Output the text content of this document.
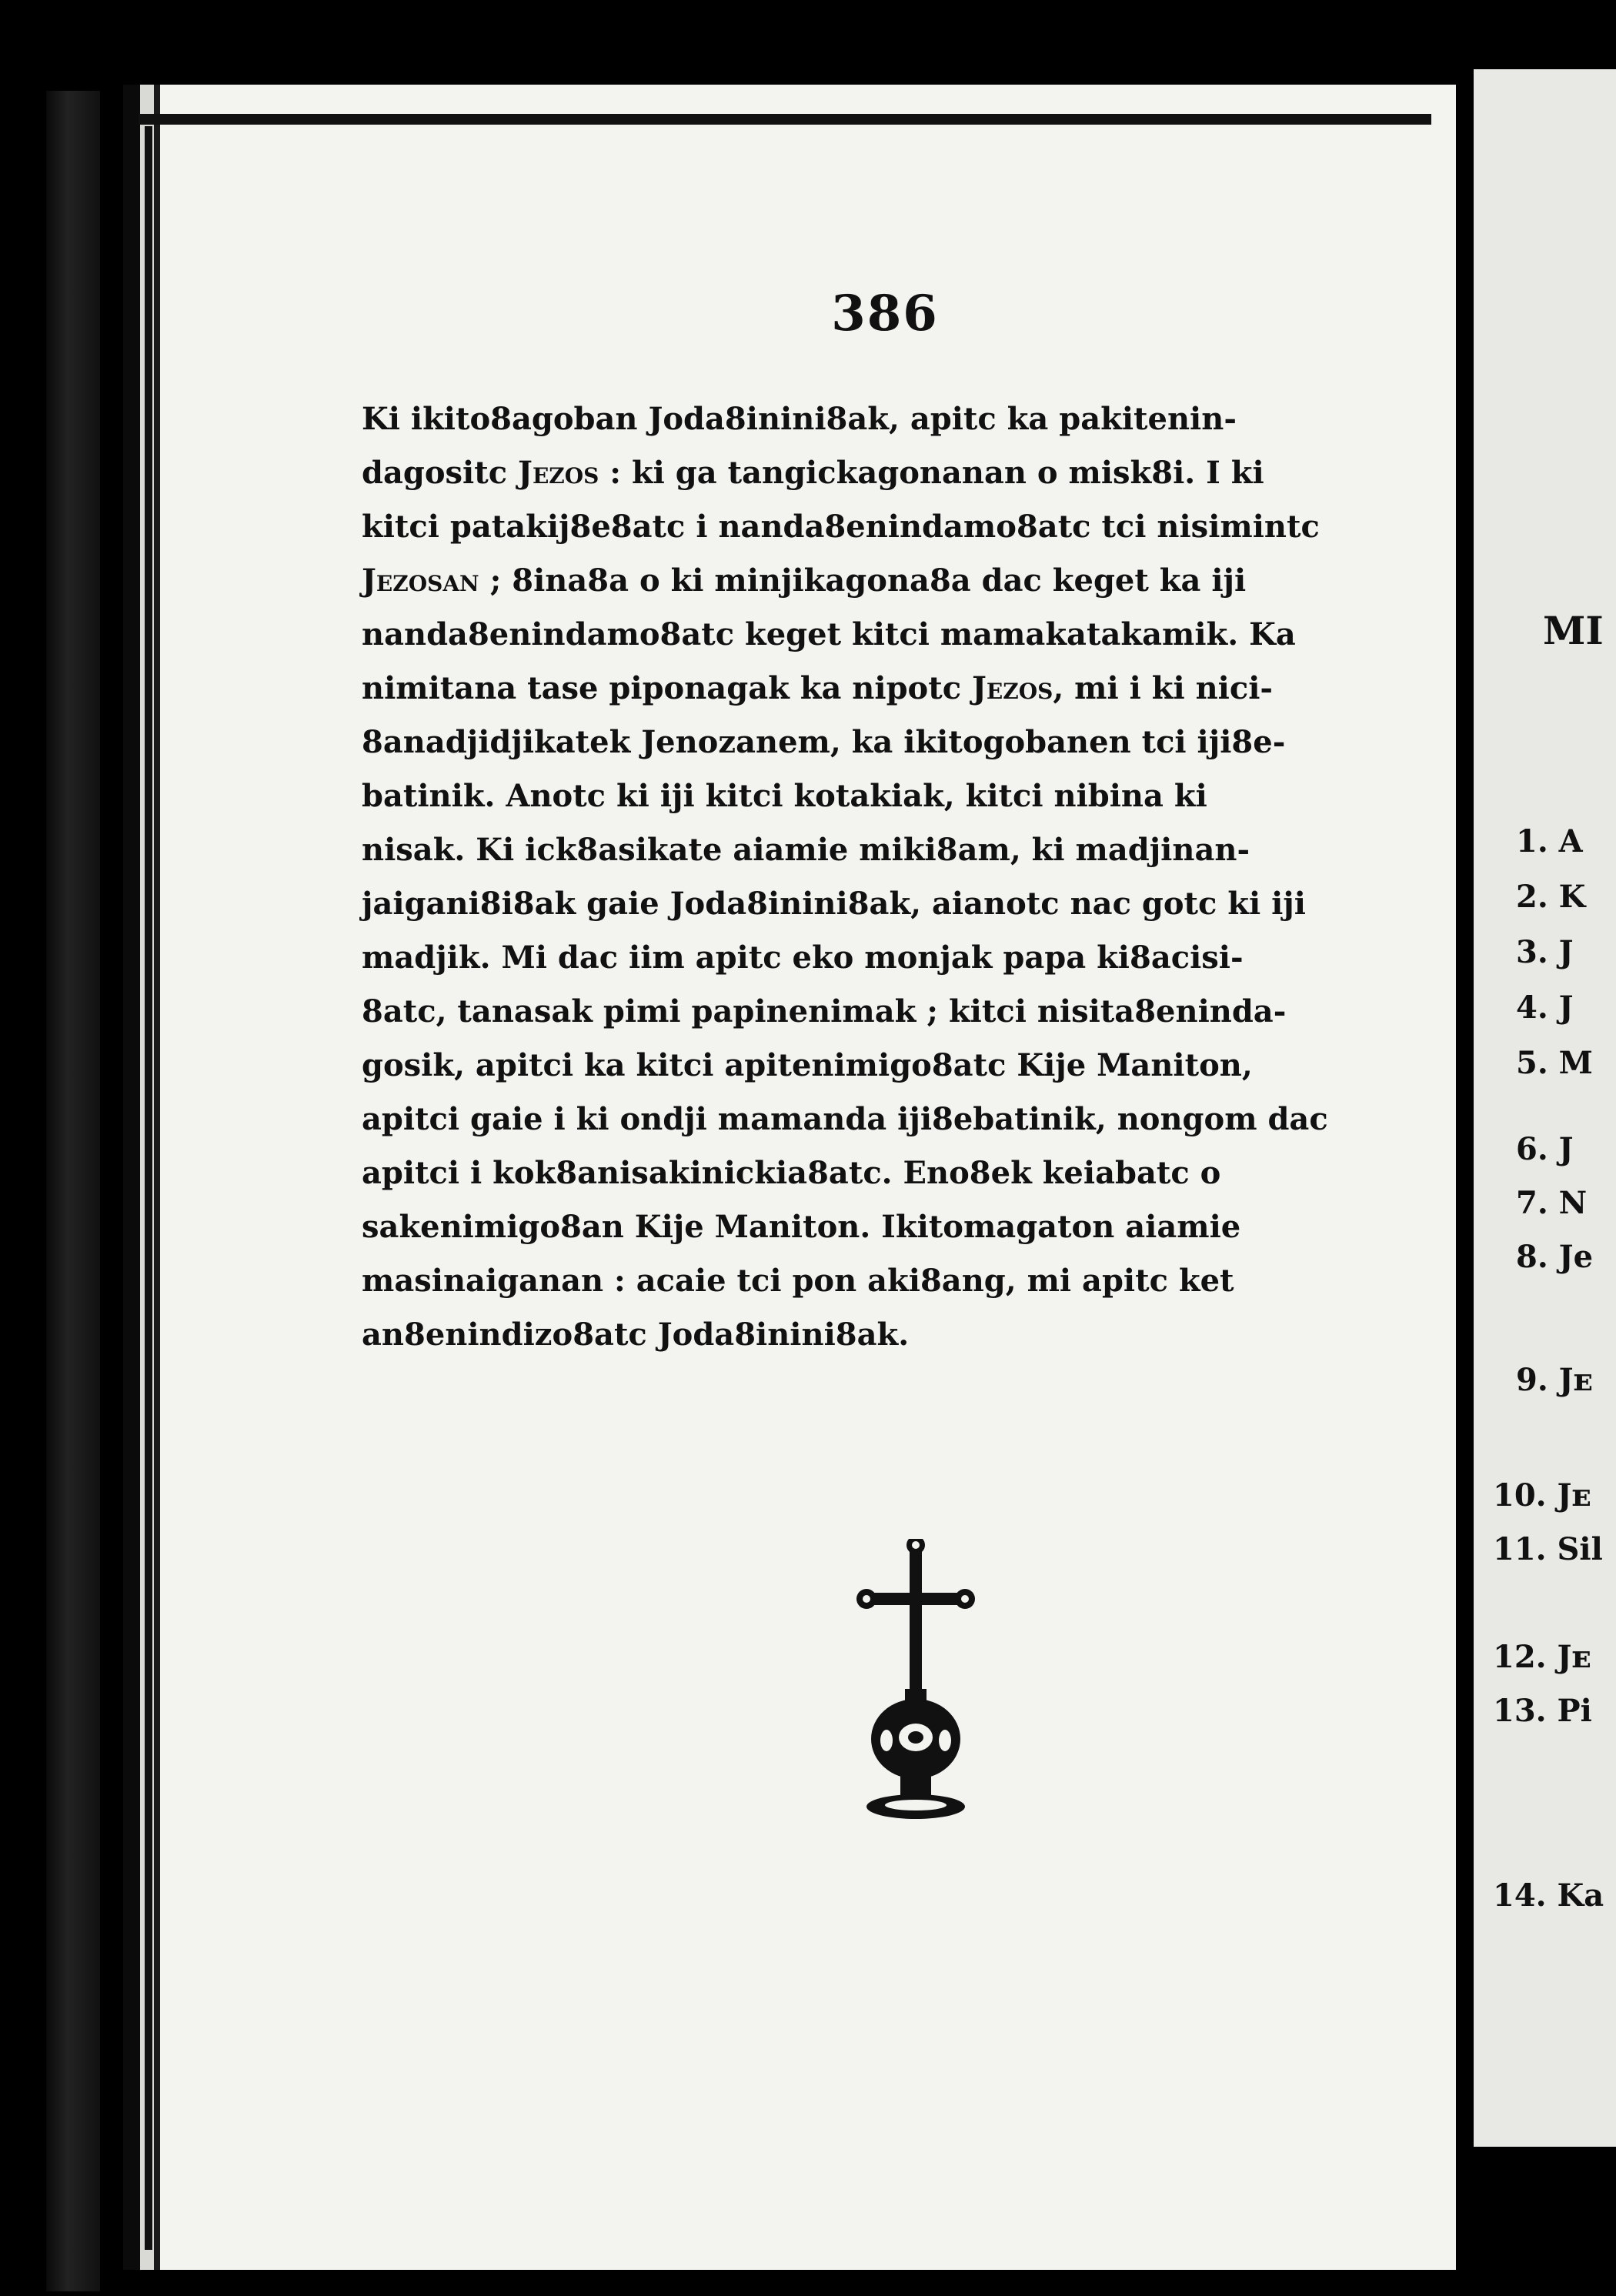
386
Ki ikito8agoban Joda8inini8ak, apitc ka pakitenin-
dagositc Jezos : ki ga tangickagonanan o misk8i. I ki
kitci patakij8e8atc i nanda8enindamo8atc tci nisimintc
Jezosan ; 8ina8a o ki minjikagona8a dac keget ka iji
nanda8enindamo8atc keget kitci mamakatakamik. Ka
nimitana tase piponagak ka nipotc Jezos, mi i ki nici-
8anadjidjikatek Jenozanem, ka ikitogobanen tci iji8e-
batinik. Anotc ki iji kitci kotakiak, kitci nibina ki
nisak. Ki ick8asikate aiamie miki8am, ki madjinan-
jaigani8i8ak gaie Joda8inini8ak, aianotc nac gotc ki iji
madjik. Mi dac iim apitc eko monjak papa ki8acisi-
8atc, tanasak pimi papinenimak ; kitci nisita8eninda-
gosik, apitci ka kitci apitenimigo8atc Kije Maniton,
apitci gaie i ki ondji mamanda iji8ebatinik, nongom dac
apitci i kok8anisakinickia8atc. Eno8ek keiabatc o
sakenimigo8an Kije Maniton. Ikitomagaton aiamie
masinaiganan : acaie tci pon aki8ang, mi apitc ket
an8enindizo8atc Joda8inini8ak.
MI
1. A
2. K
3. J
4. J
5. M
6. J
7. N
8. Je
9. Jᴇ
10. Jᴇ
11. Sil
12. Jᴇ
13. Pi
14. Ka
